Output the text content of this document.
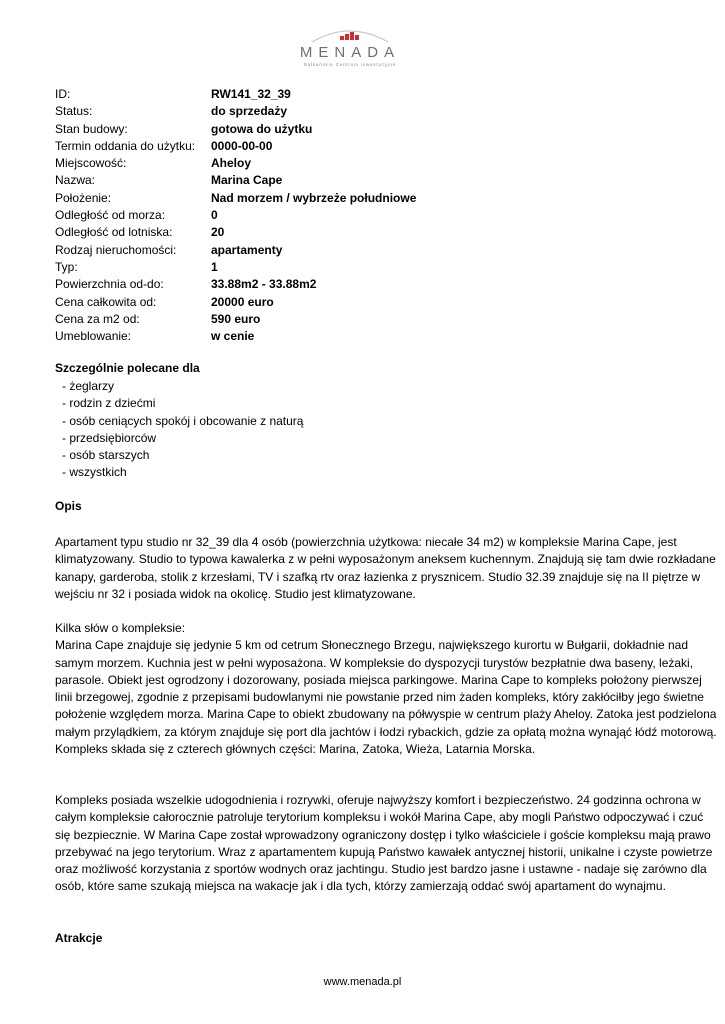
MENADA
Bałkańskie Centrum Inwestycyjne
ID:	RW141_32_39
Status:	do sprzedaży
Stan budowy:	gotowa do użytku
Termin oddania do użytku: 0000-00-00
Miejscowość:	Aheloy
Nazwa:	Marina Cape
Położenie:	Nad morzem / wybrzeże południowe
Odległość od morza:	0
Odległość od lotniska:	20
Rodzaj nieruchomości:	apartamenty
Typ:	1
Powierzchnia od-do:	33.88m2 - 33.88m2
Cena całkowita od:	20000 euro
Cena za m2 od:	590 euro
Umeblowanie:	w cenie
Szczególnie polecane dla
- żeglarzy
- rodzin z dziećmi
- osób ceniących spokój i obcowanie z naturą
- przedsiębiorców
- osób starszych
- wszystkich
Opis
Apartament typu studio nr 32_39 dla 4 osób (powierzchnia użytkowa: niecałe 34 m2) w kompleksie Marina Cape, jest
klimatyzowany. Studio to typowa kawalerka z w pełni wyposażonym aneksem kuchennym. Znajdują się tam dwie rozkładane
kanapy, garderoba, stolik z krzesłami, TV i szafką rtv oraz łazienka z prysznicem. Studio 32.39 znajduje się na II piętrze w
wejściu nr 32 i posiada widok na okolicę. Studio jest klimatyzowane.
Kilka słów o kompleksie:
Marina Cape znajduje się jedynie 5 km od cetrum Słonecznego Brzegu, największego kurortu w Bułgarii, dokładnie nad
samym morzem. Kuchnia jest w pełni wyposażona. W kompleksie do dyspozycji turystów bezpłatnie dwa baseny, leżaki,
parasole. Obiekt jest ogrodzony i dozorowany, posiada miejsca parkingowe. Marina Cape to kompleks położony pierwszej
linii brzegowej, zgodnie z przepisami budowlanymi nie powstanie przed nim żaden kompleks, który zakłóciłby jego świetne
położenie względem morza. Marina Cape to obiekt zbudowany na półwyspie w centrum plaży Aheloy. Zatoka jest podzielona
małym przylądkiem, za którym znajduje się port dla jachtów i łodzi rybackich, gdzie za opłatą można wynająć łódź motorową.
Kompleks składa się z czterech głównych części: Marina, Zatoka, Wieża, Latarnia Morska.
Kompleks posiada wszelkie udogodnienia i rozrywki, oferuje najwyższy komfort i bezpieczeństwo. 24 godzinna ochrona w
całym kompleksie całorocznie patroluje terytorium kompleksu i wokół Marina Cape, aby mogli Państwo odpoczywać i czuć
się bezpiecznie. W Marina Cape został wprowadzony ograniczony dostęp i tylko właściciele i goście kompleksu mają prawo
przebywać na jego terytorium. Wraz z apartamentem kupują Państwo kawałek antycznej historii, unikalne i czyste powietrze
oraz możliwość korzystania z sportów wodnych oraz jachtingu. Studio jest bardzo jasne i ustawne - nadaje się zarówno dla
osób, które same szukają miejsca na wakacje jak i dla tych, którzy zamierzają oddać swój apartament do wynajmu.
Atrakcje
www.menada.pl
